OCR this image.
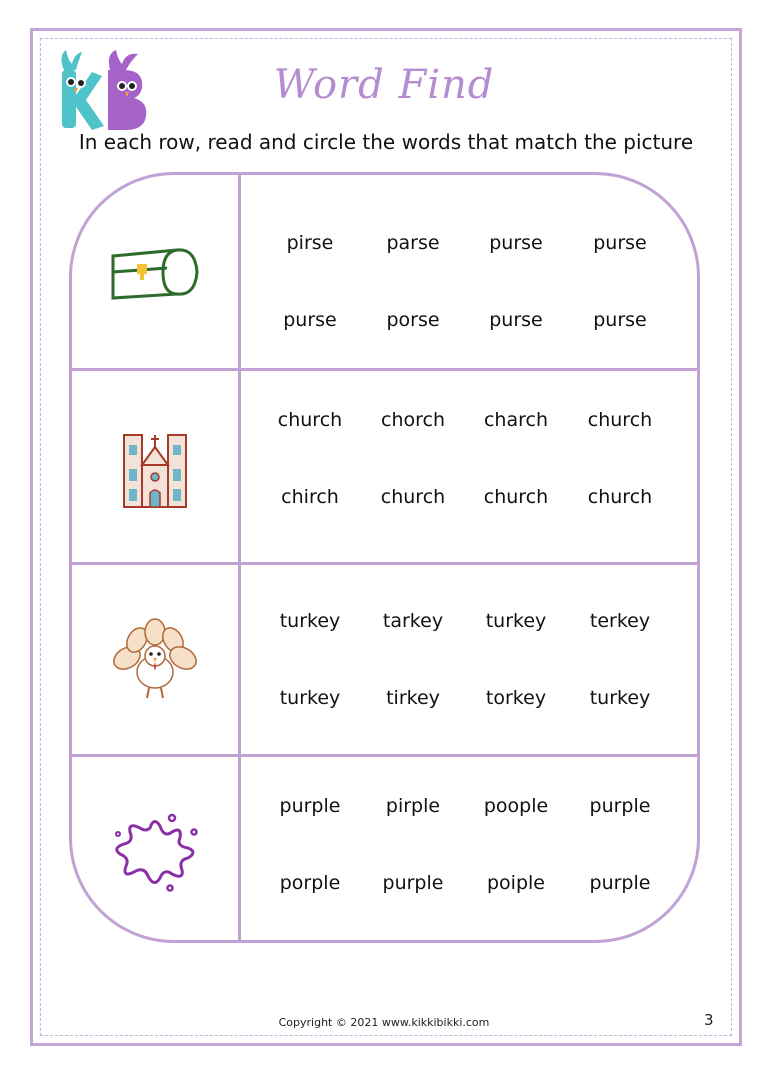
Word Find
In each row, read and circle the words that match the picture
pirse	parse	purse	purse
purse	porse	purse	purse
church	chorch	charch	church
chirch	church	church	church
turkey	tarkey	turkey	terkey
turkey	tirkey	torkey	turkey
purple	pirple	poople	purple
porple	purple	poiple	purple
Copyright © 2021 www.kikkibikki.com	3
